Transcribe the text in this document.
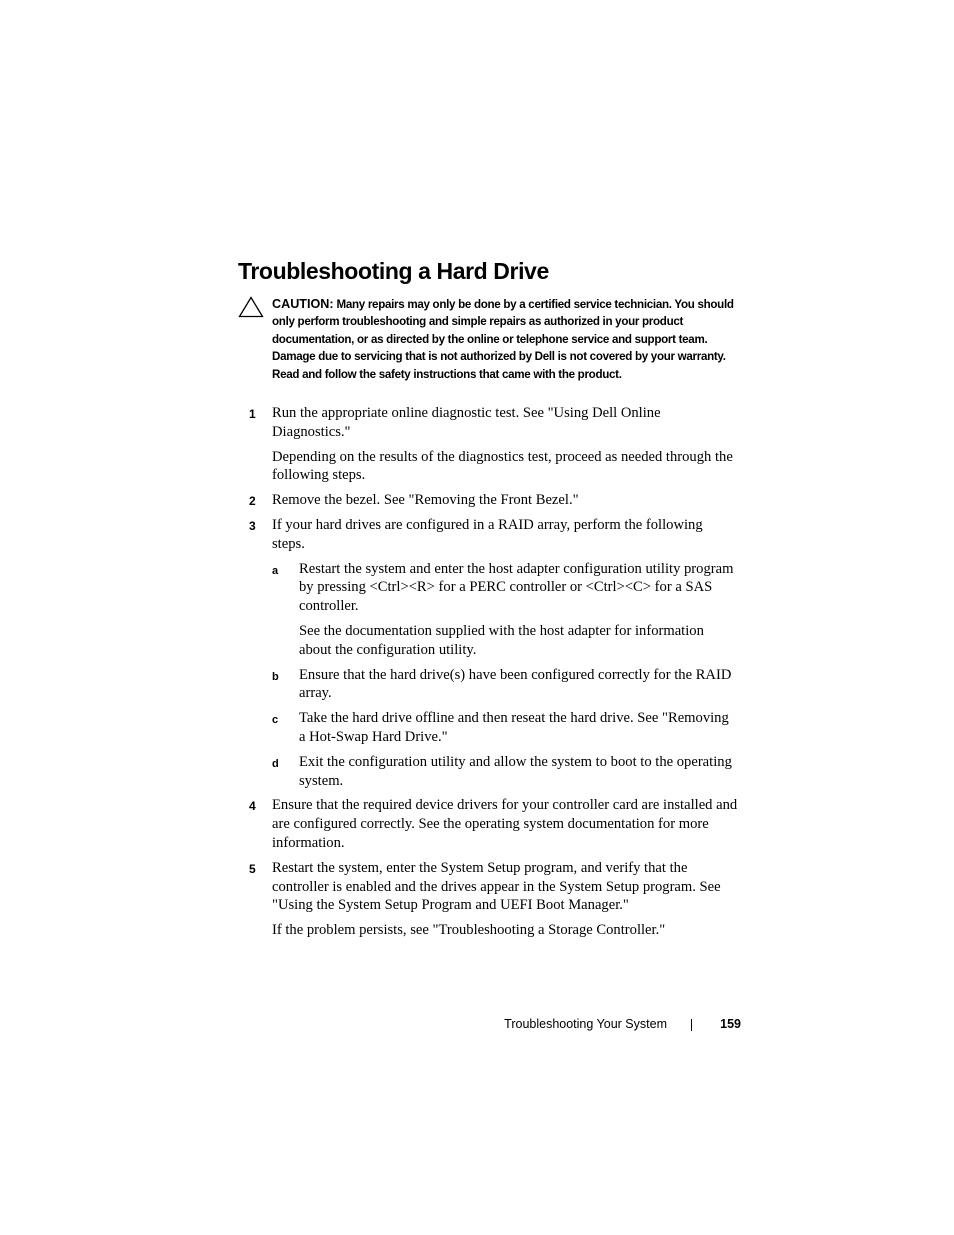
Troubleshooting a Hard Drive

CAUTION: Many repairs may only be done by a certified service technician. You should only perform troubleshooting and simple repairs as authorized in your product documentation, or as directed by the online or telephone service and support team. Damage due to servicing that is not authorized by Dell is not covered by your warranty. Read and follow the safety instructions that came with the product.

1 Run the appropriate online diagnostic test. See "Using Dell Online Diagnostics."
Depending on the results of the diagnostics test, proceed as needed through the following steps.
2 Remove the bezel. See "Removing the Front Bezel."
3 If your hard drives are configured in a RAID array, perform the following steps.
a Restart the system and enter the host adapter configuration utility program by pressing <Ctrl><R> for a PERC controller or <Ctrl><C> for a SAS controller.
See the documentation supplied with the host adapter for information about the configuration utility.
b Ensure that the hard drive(s) have been configured correctly for the RAID array.
c Take the hard drive offline and then reseat the hard drive. See "Removing a Hot-Swap Hard Drive."
d Exit the configuration utility and allow the system to boot to the operating system.
4 Ensure that the required device drivers for your controller card are installed and are configured correctly. See the operating system documentation for more information.
5 Restart the system, enter the System Setup program, and verify that the controller is enabled and the drives appear in the System Setup program. See "Using the System Setup Program and UEFI Boot Manager."
If the problem persists, see "Troubleshooting a Storage Controller."
Troubleshooting Your System	159
